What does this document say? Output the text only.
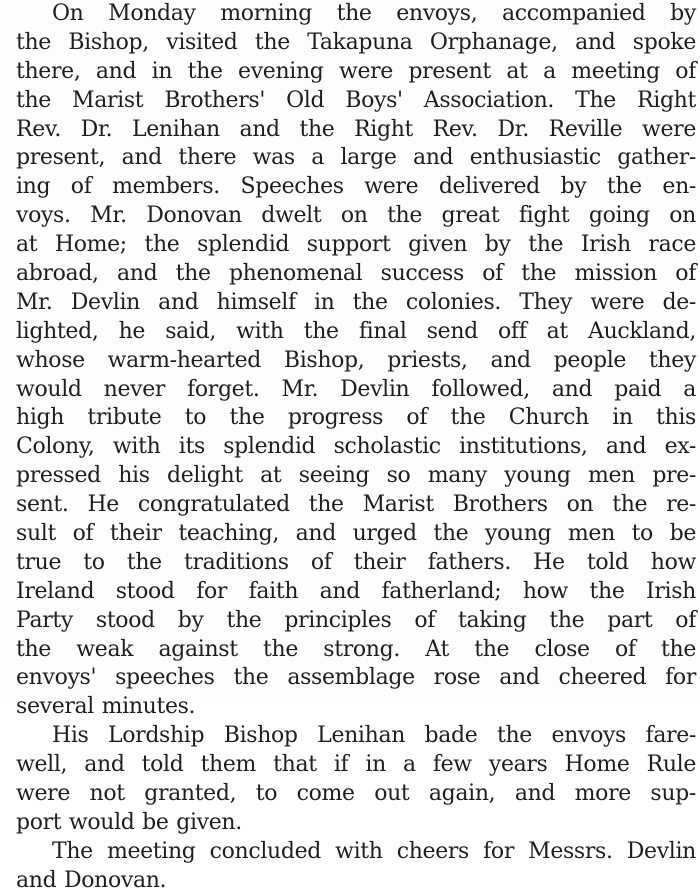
On Monday morning the envoys, accompanied by
the Bishop, visited the Takapuna Orphanage, and spoke
there, and in the evening were present at a meeting of
the Marist Brothers' Old Boys' Association. The Right
Rev. Dr. Lenihan and the Right Rev. Dr. Reville were
present, and there was a large and enthusiastic gather-
ing of members. Speeches were delivered by the en-
voys. Mr. Donovan dwelt on the great fight going on
at Home; the splendid support given by the Irish race
abroad, and the phenomenal success of the mission of
Mr. Devlin and himself in the colonies. They were de-
lighted, he said, with the final send off at Auckland,
whose warm-hearted Bishop, priests, and people they
would never forget. Mr. Devlin followed, and paid a
high tribute to the progress of the Church in this
Colony, with its splendid scholastic institutions, and ex-
pressed his delight at seeing so many young men pre-
sent. He congratulated the Marist Brothers on the re-
sult of their teaching, and urged the young men to be
true to the traditions of their fathers. He told how
Ireland stood for faith and fatherland; how the Irish
Party stood by the principles of taking the part of
the weak against the strong. At the close of the
envoys' speeches the assemblage rose and cheered for
several minutes.
His Lordship Bishop Lenihan bade the envoys fare-
well, and told them that if in a few years Home Rule
were not granted, to come out again, and more sup-
port would be given.
The meeting concluded with cheers for Messrs. Devlin
and Donovan.
